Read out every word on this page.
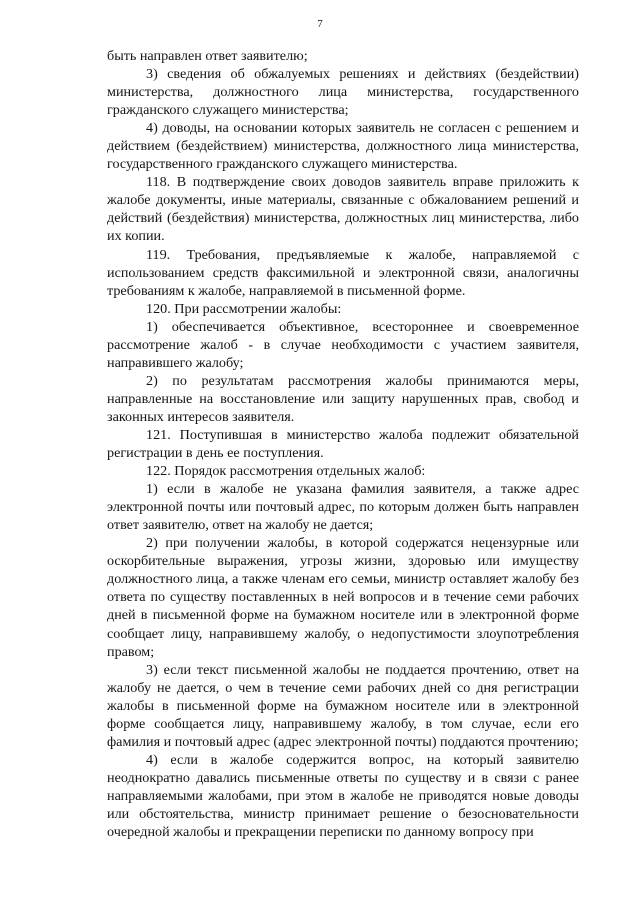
7

быть направлен ответ заявителю;

3) сведения об обжалуемых решениях и действиях (бездействии) министерства, должностного лица министерства, государственного гражданского служащего министерства;

4) доводы, на основании которых заявитель не согласен с решением и действием (бездействием) министерства, должностного лица министерства, государственного гражданского служащего министерства.

118. В подтверждение своих доводов заявитель вправе приложить к жалобе документы, иные материалы, связанные с обжалованием решений и действий (бездействия) министерства, должностных лиц министерства, либо их копии.

119. Требования, предъявляемые к жалобе, направляемой с использованием средств факсимильной и электронной связи, аналогичны требованиям к жалобе, направляемой в письменной форме.

120. При рассмотрении жалобы:

1) обеспечивается объективное, всестороннее и своевременное рассмотрение жалоб - в случае необходимости с участием заявителя, направившего жалобу;

2) по результатам рассмотрения жалобы принимаются меры, направленные на восстановление или защиту нарушенных прав, свобод и законных интересов заявителя.

121. Поступившая в министерство жалоба подлежит обязательной регистрации в день ее поступления.

122. Порядок рассмотрения отдельных жалоб:

1) если в жалобе не указана фамилия заявителя, а также адрес электронной почты или почтовый адрес, по которым должен быть направлен ответ заявителю, ответ на жалобу не дается;

2) при получении жалобы, в которой содержатся нецензурные или оскорбительные выражения, угрозы жизни, здоровью или имуществу должностного лица, а также членам его семьи, министр оставляет жалобу без ответа по существу поставленных в ней вопросов и в течение семи рабочих дней в письменной форме на бумажном носителе или в электронной форме сообщает лицу, направившему жалобу, о недопустимости злоупотребления правом;

3) если текст письменной жалобы не поддается прочтению, ответ на жалобу не дается, о чем в течение семи рабочих дней со дня регистрации жалобы в письменной форме на бумажном носителе или в электронной форме сообщается лицу, направившему жалобу, в том случае, если его фамилия и почтовый адрес (адрес электронной почты) поддаются прочтению;

4) если в жалобе содержится вопрос, на который заявителю неоднократно давались письменные ответы по существу и в связи с ранее направляемыми жалобами, при этом в жалобе не приводятся новые доводы или обстоятельства, министр принимает решение о безосновательности очередной жалобы и прекращении переписки по данному вопросу при
